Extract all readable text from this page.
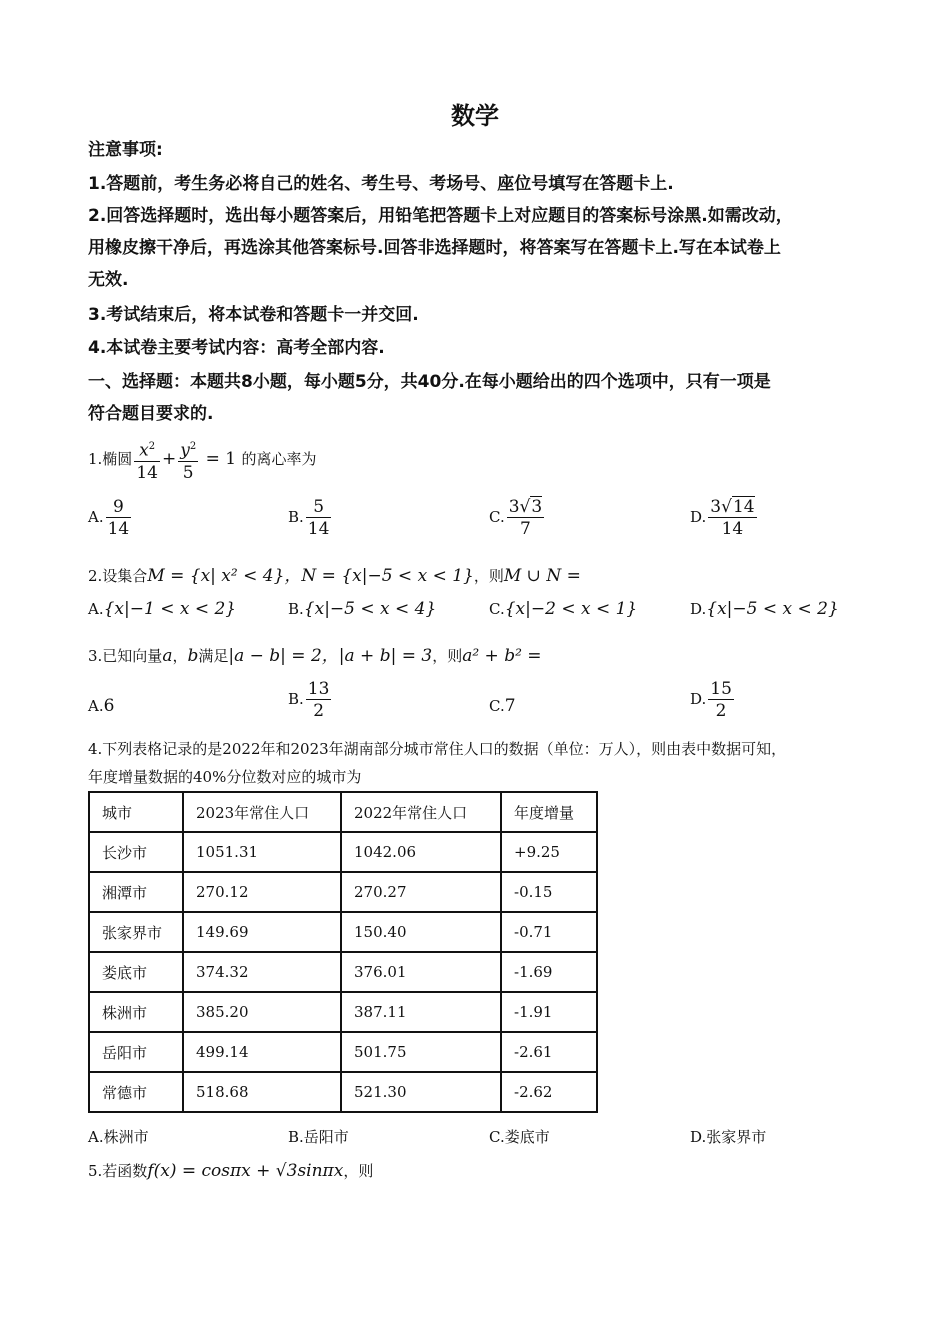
数学
注意事项:
1.答题前，考生务必将自己的姓名、考生号、考场号、座位号填写在答题卡上.
2.回答选择题时，选出每小题答案后，用铅笔把答题卡上对应题目的答案标号涂黑.如需改动，
用橡皮擦干净后，再选涂其他答案标号.回答非选择题时，将答案写在答题卡上.写在本试卷上
无效.
3.考试结束后，将本试卷和答题卡一并交回.
4.本试卷主要考试内容：高考全部内容.
一、选择题：本题共8小题，每小题5分，共40分.在每小题给出的四个选项中，只有一项是
符合题目要求的.
1.椭圆 $\frac{x^2}{14} + \frac{y^2}{5} = 1$ 的离心率为
A. $\frac{9}{14}$	B. $\frac{5}{14}$	C. $\frac{3√3}{7}$	D. $\frac{3√14}{14}$
2.设集合M = {x| x² < 4}，N = {x|−5 < x < 1}，则M ∪ N =
A.{x|−1 < x < 2}	B.{x|−5 < x < 4}	C.{x|−2 < x < 1}	D.{x|−5 < x < 2}
3.已知向量a，b满足|a − b| = 2，|a + b| = 3，则a² + b² =
A.6	B. $\frac{13}{2}$	C.7	D. $\frac{15}{2}$
4.下列表格记录的是2022年和2023年湖南部分城市常住人口的数据（单位：万人），则由表中数据可知，
年度增量数据的40%分位数对应的城市为
城市	2023年常住人口	2022年常住人口	年度增量
长沙市	1051.31	1042.06	+9.25
湘潭市	270.12	270.27	-0.15
张家界市	149.69	150.40	-0.71
娄底市	374.32	376.01	-1.69
株洲市	385.20	387.11	-1.91
岳阳市	499.14	501.75	-2.61
常德市	518.68	521.30	-2.62
A.株洲市	B.岳阳市	C.娄底市	D.张家界市
5.若函数f(x) = cosπx + √3sinπx，则
